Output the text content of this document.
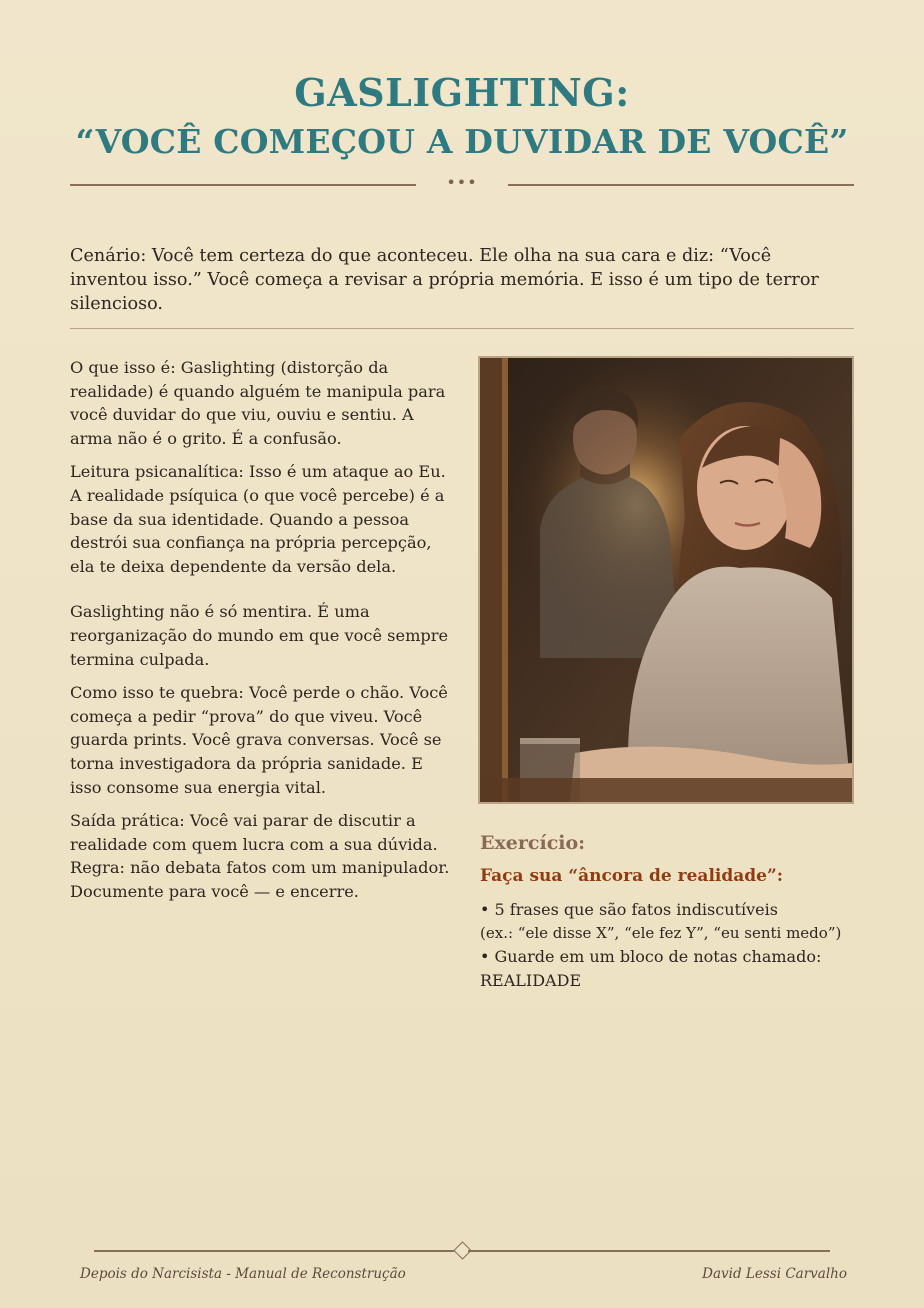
GASLIGHTING:
“VOCÊ COMEÇOU A DUVIDAR DE VOCÊ”
•••

Cenário: Você tem certeza do que aconteceu. Ele olha na sua cara e diz: “Você inventou isso.” Você começa a revisar a própria memória. E isso é um tipo de terror silencioso.

O que isso é: Gaslighting (distorção da realidade) é quando alguém te manipula para você duvidar do que viu, ouviu e sentiu. A arma não é o grito. É a confusão.

Leitura psicanalítica: Isso é um ataque ao Eu. A realidade psíquica (o que você percebe) é a base da sua identidade. Quando a pessoa destrói sua confiança na própria percepção, ela te deixa dependente da versão dela.

Gaslighting não é só mentira. É uma reorganização do mundo em que você sempre termina culpada.

Como isso te quebra: Você perde o chão. Você começa a pedir “prova” do que viveu. Você guarda prints. Você grava conversas. Você se torna investigadora da própria sanidade. E isso consome sua energia vital.

Saída prática: Você vai parar de discutir a realidade com quem lucra com a sua dúvida.

Regra: não debata fatos com um manipulador. Documente para você — e encerre.

Exercício:
Faça sua “âncora de realidade”:
• 5 frases que são fatos indiscutíveis
(ex.: “ele disse X”, “ele fez Y”, “eu senti medo”)
• Guarde em um bloco de notas chamado:
REALIDADE

Depois do Narcisista - Manual de Reconstrução	David Lessi Carvalho
